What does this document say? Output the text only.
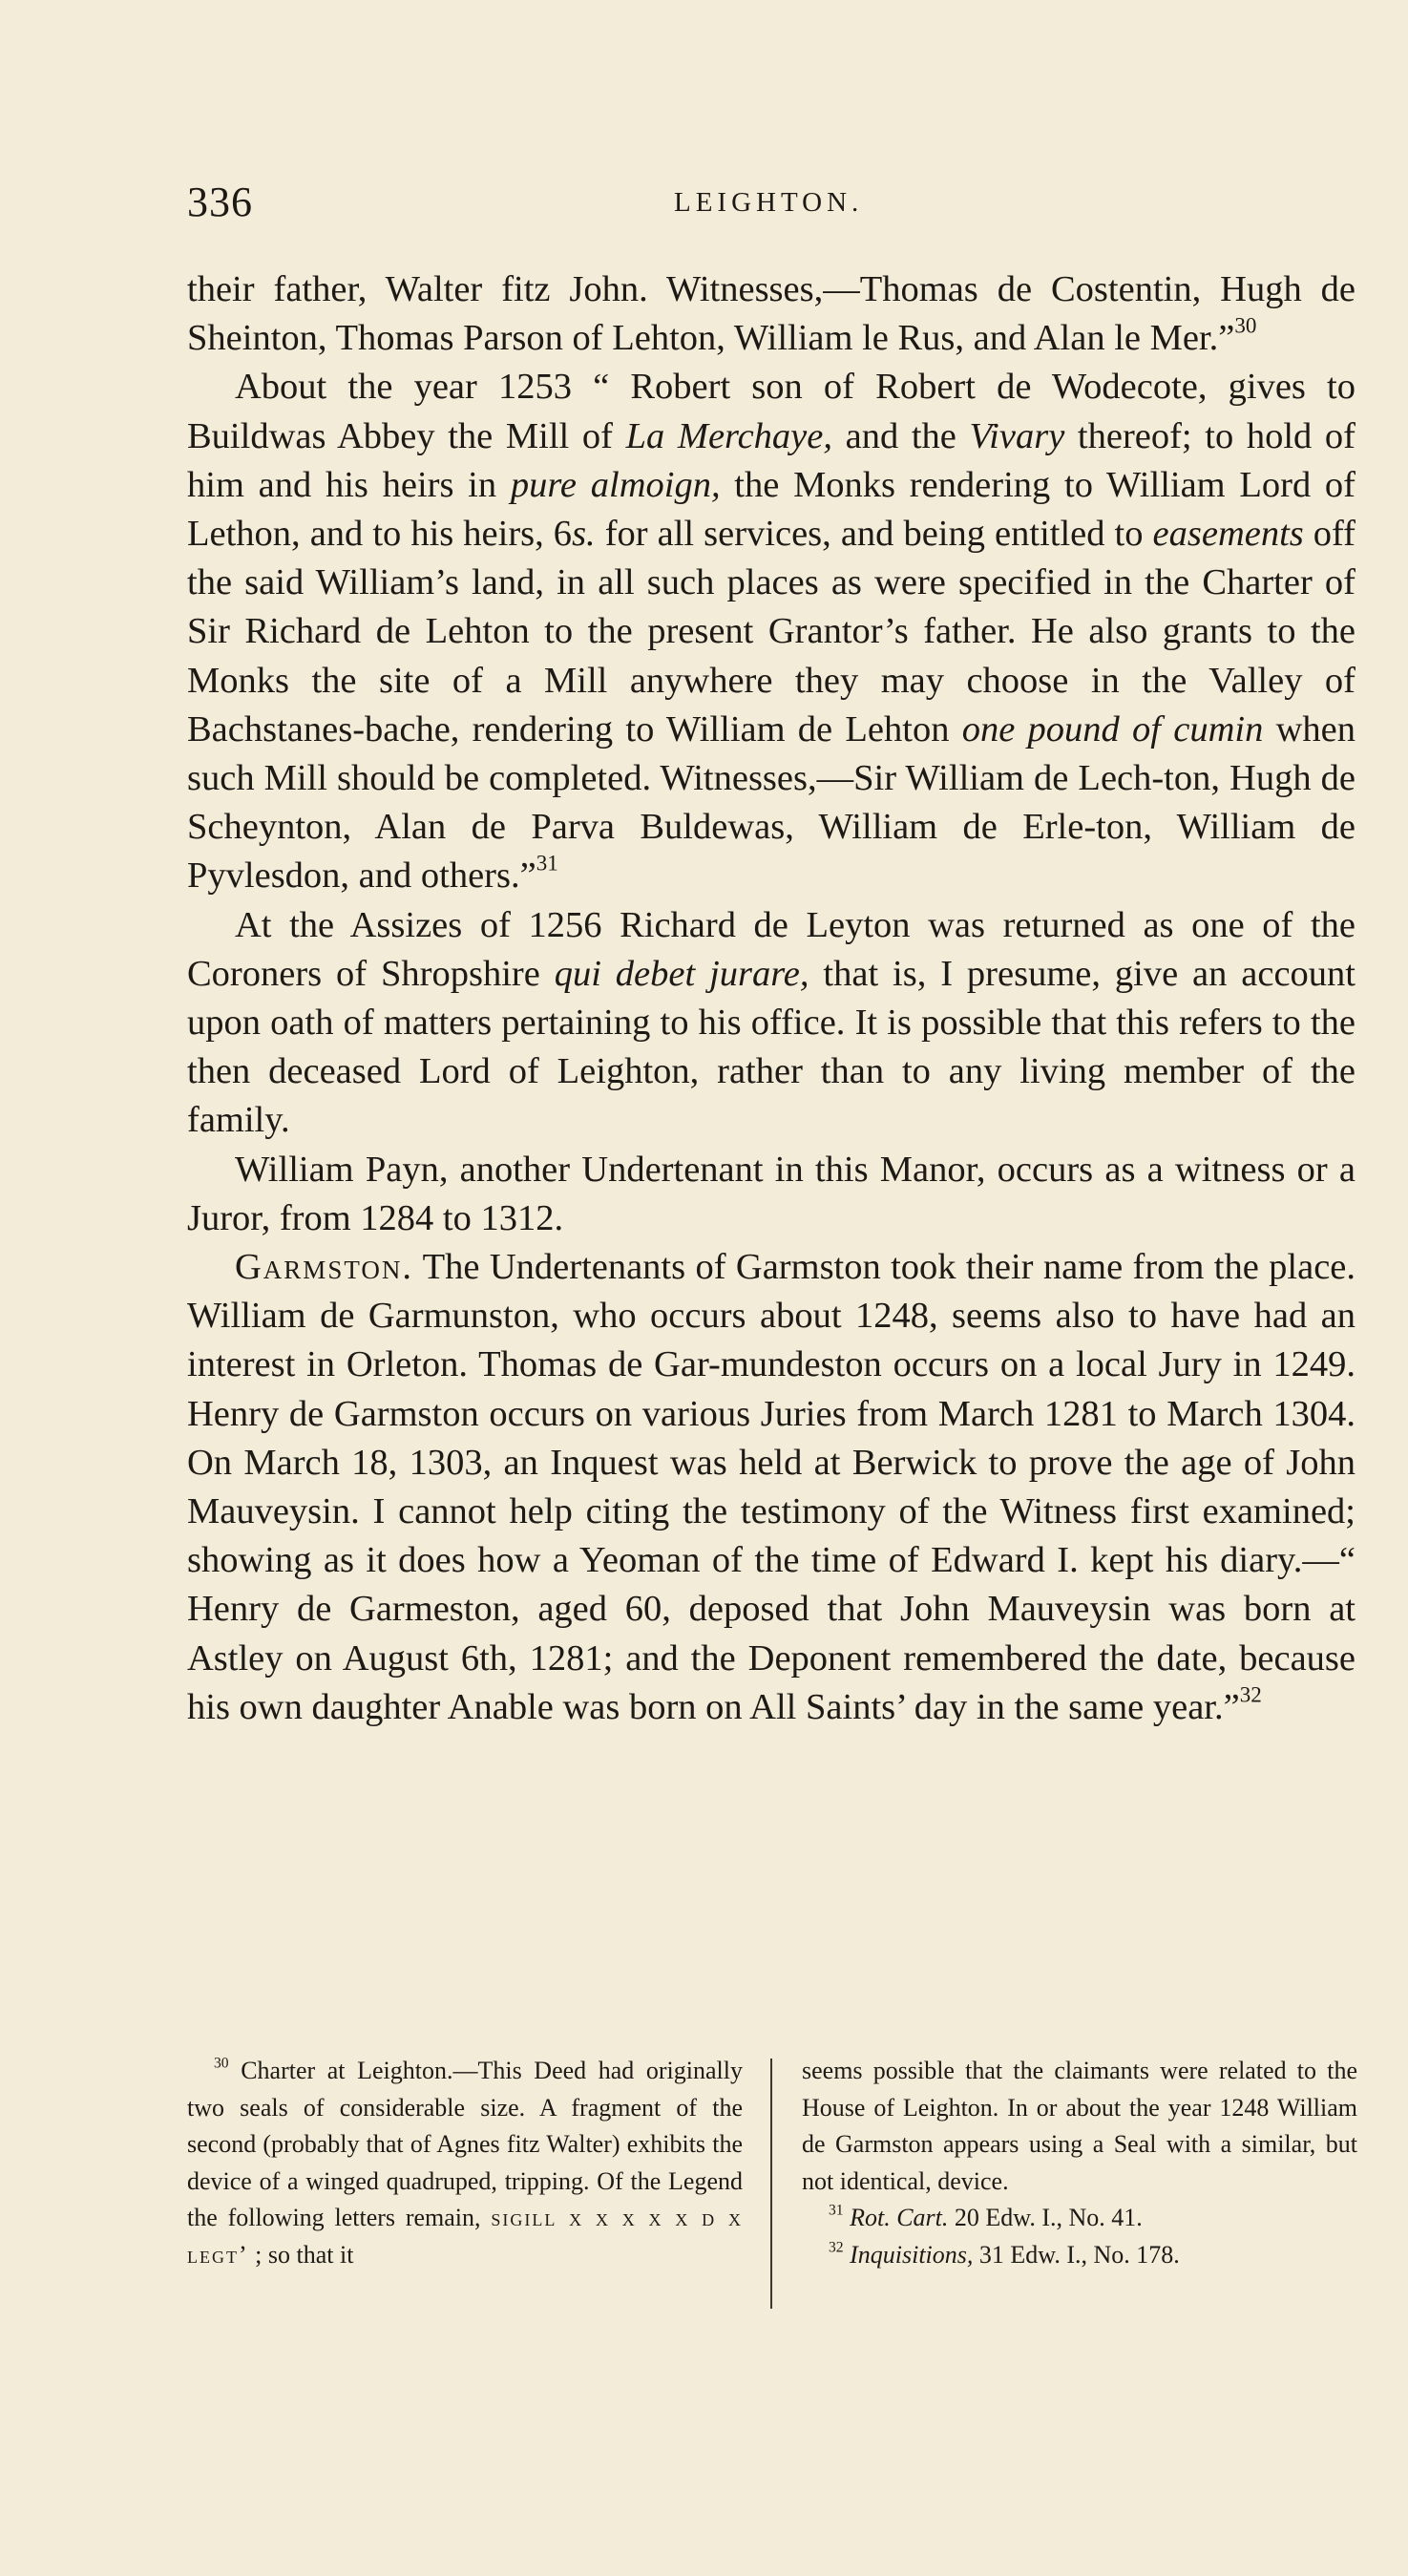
336	LEIGHTON.

their father, Walter fitz John. Witnesses,—Thomas de Costentin, Hugh de Sheinton, Thomas Parson of Lehton, William le Rus, and Alan le Mer.”$^{30}$

About the year 1253 “ Robert son of Robert de Wodecote, gives to Buildwas Abbey the Mill of La Merchaye, and the Vivary thereof; to hold of him and his heirs in pure almoign, the Monks rendering to William Lord of Lethon, and to his heirs, 6s. for all services, and being entitled to easements off the said William’s land, in all such places as were specified in the Charter of Sir Richard de Lehton to the present Grantor’s father. He also grants to the Monks the site of a Mill anywhere they may choose in the Valley of Bachstanes-bache, rendering to William de Lehton one pound of cumin when such Mill should be completed. Witnesses,—Sir William de Lech-ton, Hugh de Scheynton, Alan de Parva Buldewas, William de Erle-ton, William de Pyvlesdon, and others.”$^{31}$

At the Assizes of 1256 Richard de Leyton was returned as one of the Coroners of Shropshire qui debet jurare, that is, I presume, give an account upon oath of matters pertaining to his office. It is possible that this refers to the then deceased Lord of Leighton, rather than to any living member of the family.

William Payn, another Undertenant in this Manor, occurs as a witness or a Juror, from 1284 to 1312.

Garmston. The Undertenants of Garmston took their name from the place. William de Garmunston, who occurs about 1248, seems also to have had an interest in Orleton. Thomas de Gar-mundeston occurs on a local Jury in 1249. Henry de Garmston occurs on various Juries from March 1281 to March 1304. On March 18, 1303, an Inquest was held at Berwick to prove the age of John Mauveysin. I cannot help citing the testimony of the Witness first examined; showing as it does how a Yeoman of the time of Edward I. kept his diary.—“ Henry de Garmeston, aged 60, deposed that John Mauveysin was born at Astley on August 6th, 1281; and the Deponent remembered the date, because his own daughter Anable was born on All Saints’ day in the same year.”$^{32}$

$^{30}$ Charter at Leighton.—This Deed had originally two seals of considerable size. A fragment of the second (probably that of Agnes fitz Walter) exhibits the device of a winged quadruped, tripping. Of the Legend the following letters remain, sigill x x x x x d x legt’ ; so that it

seems possible that the claimants were related to the House of Leighton. In or about the year 1248 William de Garmston appears using a Seal with a similar, but not identical, device.

$^{31}$ Rot. Cart. 20 Edw. I., No. 41.

$^{32}$ Inquisitions, 31 Edw. I., No. 178.
